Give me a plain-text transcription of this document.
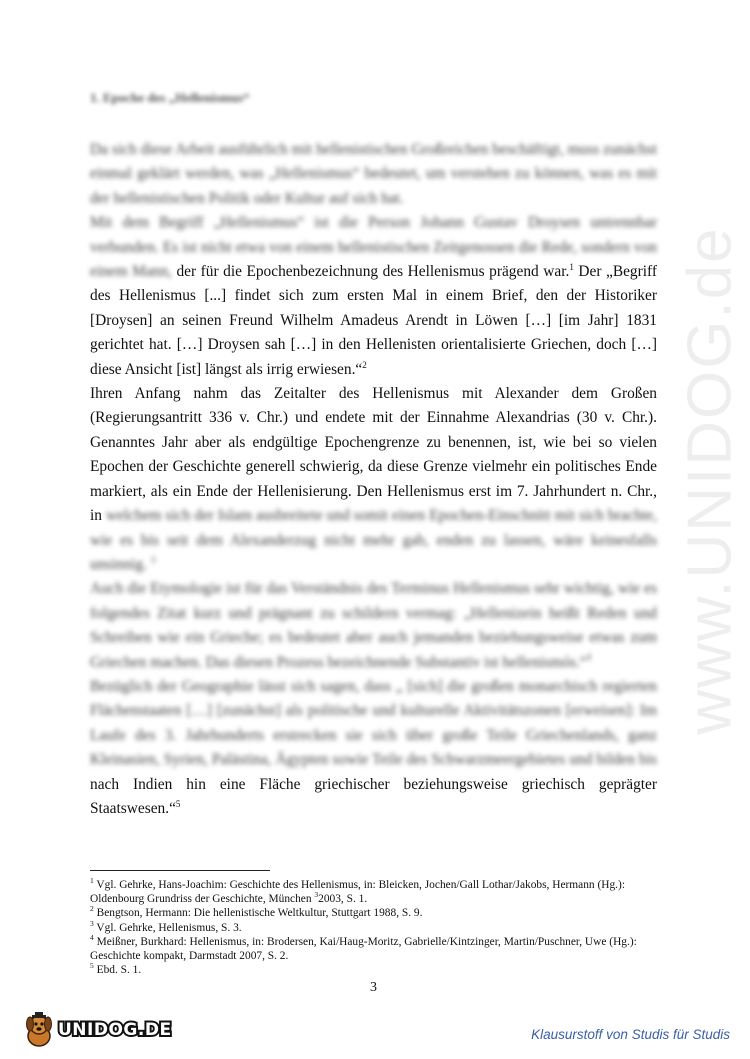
www.UNIDOG.de
1. Epoche des „Hellenismus“

Da sich diese Arbeit ausführlich mit hellenistischen Großreichen beschäftigt, muss zunächst einmal geklärt werden, was „Hellenismus“ bedeutet, um verstehen zu können, was es mit der hellenistischen Politik oder Kultur auf sich hat.

Mit dem Begriff „Hellenismus“ ist die Person Johann Gustav Droysen untrennbar verbunden. Es ist nicht etwa von einem hellenistischen Zeitgenossen die Rede, sondern von einem Mann, der für die Epochenbezeichnung des Hellenismus prägend war.$^1$ Der „Begriff des Hellenismus [...] findet sich zum ersten Mal in einem Brief, den der Historiker [Droysen] an seinen Freund Wilhelm Amadeus Arendt in Löwen […] [im Jahr] 1831 gerichtet hat. […] Droysen sah […] in den Hellenisten orientalisierte Griechen, doch […] diese Ansicht [ist] längst als irrig erwiesen.“$^2$

Ihren Anfang nahm das Zeitalter des Hellenismus mit Alexander dem Großen (Regierungsantritt 336 v. Chr.) und endete mit der Einnahme Alexandrias (30 v. Chr.). Genanntes Jahr aber als endgültige Epochengrenze zu benennen, ist, wie bei so vielen Epochen der Geschichte generell schwierig, da diese Grenze vielmehr ein politisches Ende markiert, als ein Ende der Hellenisierung. Den Hellenismus erst im 7. Jahrhundert n. Chr., in welchem sich der Islam ausbreitete und somit einen Epochen-Einschnitt mit sich brachte, wie es bis seit dem Alexanderzug nicht mehr gab, enden zu lassen, wäre keinesfalls unsinnig. $^3$

Auch die Etymologie ist für das Verständnis des Terminus Hellenismus sehr wichtig, wie es folgendes Zitat kurz und prägnant zu schildern vermag: „Hellenizein heißt Reden und Schreiben wie ein Grieche; es bedeutet aber auch jemanden beziehungsweise etwas zum Griechen machen. Das diesen Prozess bezeichnende Substantiv ist hellenismós.“$^4$

Bezüglich der Geographie lässt sich sagen, dass „ [sich] die großen monarchisch regierten Flächenstaaten […] [zunächst] als politische und kulturelle Aktivitätszonen [erweisen]: Im Laufe des 3. Jahrhunderts erstrecken sie sich über große Teile Griechenlands, ganz Kleinasien, Syrien, Palästina, Ägypten sowie Teile des Schwarzmeergebietes und bilden bis nach Indien hin eine Fläche griechischer beziehungsweise griechisch geprägter Staatswesen.“$^5$

$^1$ Vgl. Gehrke, Hans-Joachim: Geschichte des Hellenismus, in: Bleicken, Jochen/Gall Lothar/Jakobs, Hermann (Hg.): Oldenbourg Grundriss der Geschichte, München $^3$2003, S. 1.
$^2$ Bengtson, Hermann: Die hellenistische Weltkultur, Stuttgart 1988, S. 9.
$^3$ Vgl. Gehrke, Hellenismus, S. 3.
$^4$ Meißner, Burkhard: Hellenismus, in: Brodersen, Kai/Haug-Moritz, Gabrielle/Kintzinger, Martin/Puschner, Uwe (Hg.): Geschichte kompakt, Darmstadt 2007, S. 2.
$^5$ Ebd. S. 1.
3
UNIDOG.DE	Klausurstoff von Studis für Studis
